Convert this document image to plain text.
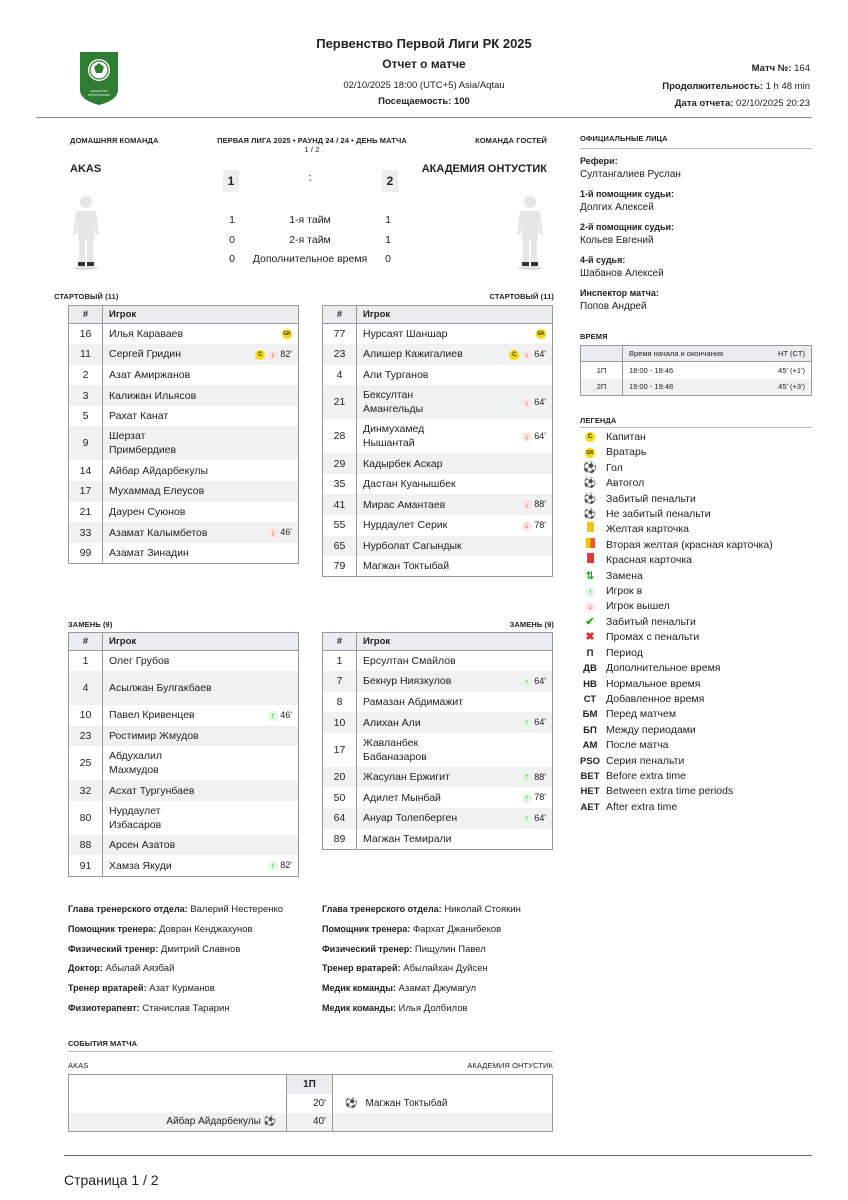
ҚАЗАҚСТАН
ФУТБОЛ ЛИГАСЫ
Первенство Первой Лиги РК 2025
Отчет о матче
02/10/2025 18:00 (UTC+5) Asia/Aqtau
Посещаемость: 100
Матч №: 164
Продолжительность: 1 h 48 min
Дата отчета: 02/10/2025 20:23
ДОМАШНЯЯ КОМАНДА	ПЕРВАЯ ЛИГА 2025 • РАУНД 24 / 24 • ДЕНЬ МАТЧА
1 / 2
КОМАНДА ГОСТЕЙ
AKAS	АКАДЕМИЯ ОНТУСТИК
1	:	2
1	1-я тайм	1
0	2-я тайм	1
0	Дополнительное время	0
СТАРТОВЫЙ (11)	СТАРТОВЫЙ (11)
#	Игрок	
16	Илья Караваев	GK
11	Сергей Гридин	C ↓ 82'
2	Азат Амиржанов	
3	Калижан Ильясов	
5	Рахат Канат	
9	Шерзат Примбердиев	
14	Айбар Айдарбекулы	
17	Мухаммад Елеусов	
21	Даурен Суюнов	
33	Азамат Калымбетов	↓ 46'
99	Азамат Зинадин	
#	Игрок	
77	Нурсаят Шаншар	GK
23	Алишер Кажигалиев	C ↓ 64'
4	Али Турганов	
21	Бексултан Амангельды	↓ 64'
28	Динмухамед Нышантай	↓ 64'
29	Кадырбек Аскар	
35	Дастан Куанышбек	
41	Мирас Амантаев	↓ 88'
55	Нурдаулет Серик	↓ 78'
65	Нурболат Сагындык	
79	Магжан Токтыбай	
ЗАМЕНЬ (9)	ЗАМЕНЬ (9)
#	Игрок	
1	Олег Грубов	
4	Асылжан Булгакбаев	
10	Павел Кривенцев	↑ 46'
23	Ростимир Жмудов	
25	Абдухалил Махмудов	
32	Асхат Тургунбаев	
80	Нурдаулет Избасаров	
88	Арсен Азатов	
91	Хамза Якуди	↑ 82'
#	Игрок	
1	Ерсултан Смайлов	
7	Бекнур Ниязкулов	↑ 64'
8	Рамазан Абдимажит	
10	Алихан Али	↑ 64'
17	Жавланбек Бабаназаров	
20	Жасулан Ержигит	↑ 88'
50	Адилет Мынбай	↑ 78'
64	Ануар Толепберген	↑ 64'
89	Магжан Темирали	
Глава тренерского отдела: Валерий Нестеренко
Помощник тренера: Довран Кенджахунов
Физический тренер: Дмитрий Славнов
Доктор: Абылай Аязбай
Тренер вратарей: Азат Курманов
Физиотерапевт: Станислав Тарарин
Глава тренерского отдела: Николай Стоякин
Помощник тренера: Фархат Джанибеков
Физический тренер: Пищулин Павел
Тренер вратарей: Абылайхан Дуйсен
Медик команды: Азамат Джумагул
Медик команды: Илья Долбилов
ОФИЦИАЛЬНЫЕ ЛИЦА
Рефери:
Султангалиев Руслан
1-й помощник судьи:
Долгих Алексей
2-й помощник судьи:
Кольев Евгений
4-й судья:
Шабанов Алексей
Инспектор матча:
Попов Андрей
ВРЕМЯ
	Время начала и окончания	HT (CT)
1П	18:00 - 18:46	45' (+1')
2П	19:00 - 19:48	45' (+3')
ЛЕГЕНДА
C	Капитан
GK	Вратарь
⚽ Гол
⚽ Автогол
⚽ Забитый пенальти
⚽ Не забитый пенальти
Желтая карточка
Вторая желтая (красная карточка)
Красная карточка
⇅	Замена
↑	Игрок в
↓	Игрок вышел
✔	Забитый пенальти
✖	Промах с пенальти
П	Период
ДВ Дополнительное время
НВ Нормальное время
СТ Добавленное время
БМ Перед матчем
БП Между периодами
АМ После матча
PSO Серия пенальти
BET Before extra time
HET Between extra time periods
AET After extra time
СОБЫТИЯ МАТЧА
AKAS	АКАДЕМИЯ ОНТУСТИК
	1П	
	20'	⚽ Магжан Токтыбай
Айбар Айдарбекулы ⚽	40'	
Страница 1 / 2
